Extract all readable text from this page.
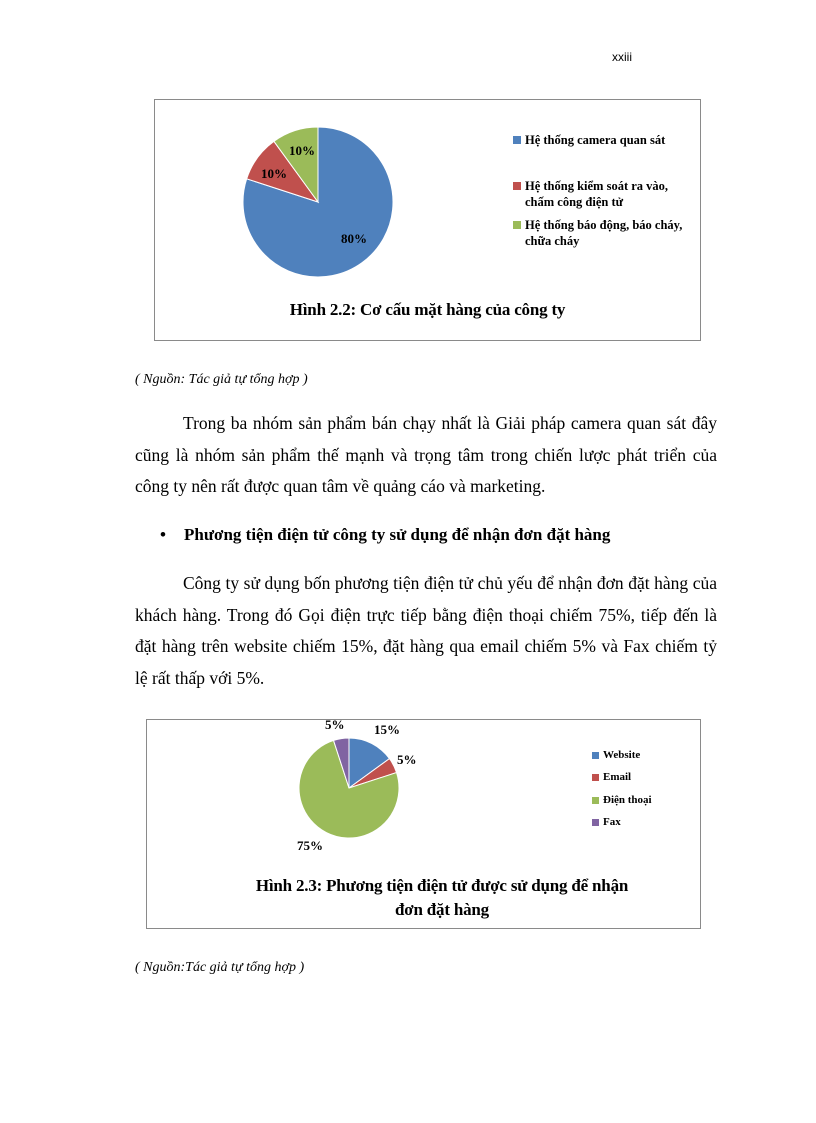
xxiii
80%
10%
10%
Hệ thống camera quan sát
Hệ thống kiểm soát ra vào, chấm công điện tử
Hệ thống báo động, báo cháy, chữa cháy
Hình 2.2: Cơ cấu mặt hàng của công ty
( Nguồn: Tác giả tự tổng hợp )

Trong ba nhóm sản phẩm bán chạy nhất là Giải pháp camera quan sát đây cũng là nhóm sản phẩm thế mạnh và trọng tâm trong chiến lược phát triển của công ty nên rất được quan tâm về quảng cáo và marketing.

• Phương tiện điện tử công ty sử dụng để nhận đơn đặt hàng

Công ty sử dụng bốn phương tiện điện tử chủ yếu để nhận đơn đặt hàng của khách hàng. Trong đó Gọi điện trực tiếp bằng điện thoại chiếm 75%, tiếp đến là đặt hàng trên website chiếm 15%, đặt hàng qua email chiếm 5% và Fax chiếm tỷ lệ rất thấp với 5%.

15%
5%
75%
5%
Website
Email
Điện thoại
Fax
Hình 2.3: Phương tiện điện tử được sử dụng để nhận
đơn đặt hàng
( Nguồn:Tác giả tự tổng hợp )
